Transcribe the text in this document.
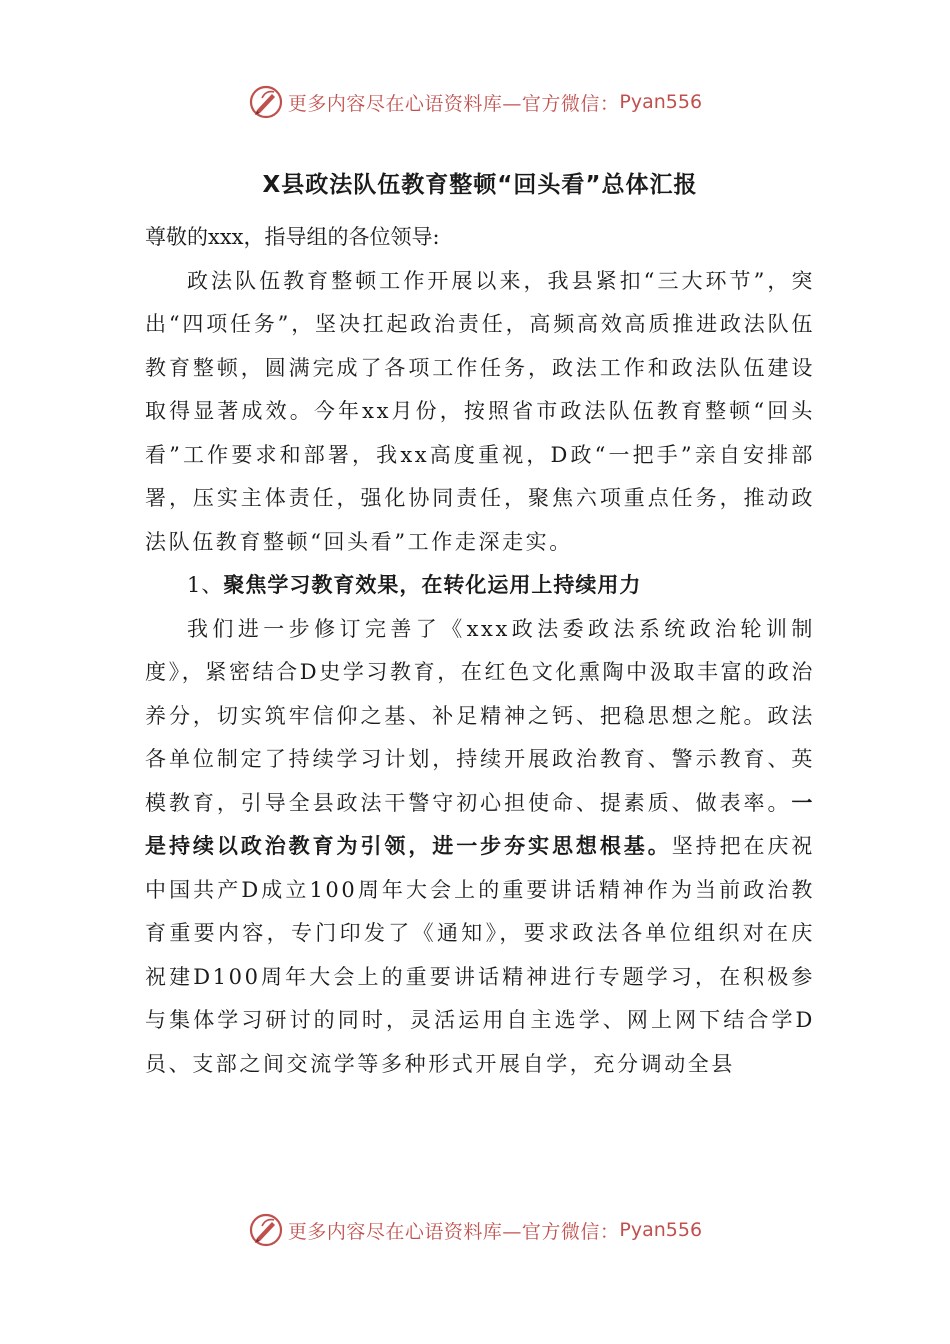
更多内容尽在心语资料库—官方微信： Pyan556
X县政法队伍教育整顿“回头看”总体汇报

尊敬的xxx，指导组的各位领导:

政法队伍教育整顿工作开展以来，我县紧扣“三大环节”，突出“四项任务”，坚决扛起政治责任，高频高效高质推进政法队伍教育整顿，圆满完成了各项工作任务，政法工作和政法队伍建设取得显著成效。今年xx月份，按照省市政法队伍教育整顿“回头看”工作要求和部署，我xx高度重视，D政“一把手”亲自安排部署，压实主体责任，强化协同责任，聚焦六项重点任务，推动政法队伍教育整顿“回头看”工作走深走实。

1、聚焦学习教育效果，在转化运用上持续用力

我们进一步修订完善了《xxx政法委政法系统政治轮训制度》，紧密结合D史学习教育，在红色文化熏陶中汲取丰富的政治养分，切实筑牢信仰之基、补足精神之钙、把稳思想之舵。政法各单位制定了持续学习计划，持续开展政治教育、警示教育、英模教育，引导全县政法干警守初心担使命、提素质、做表率。一是持续以政治教育为引领，进一步夯实思想根基。坚持把在庆祝中国共产D成立100周年大会上的重要讲话精神作为当前政治教育重要内容，专门印发了《通知》，要求政法各单位组织对在庆祝建D100周年大会上的重要讲话精神进行专题学习，在积极参与集体学习研讨的同时，灵活运用自主选学、网上网下结合学D员、支部之间交流学等多种形式开展自学，充分调动全县

更多内容尽在心语资料库—官方微信： Pyan556
